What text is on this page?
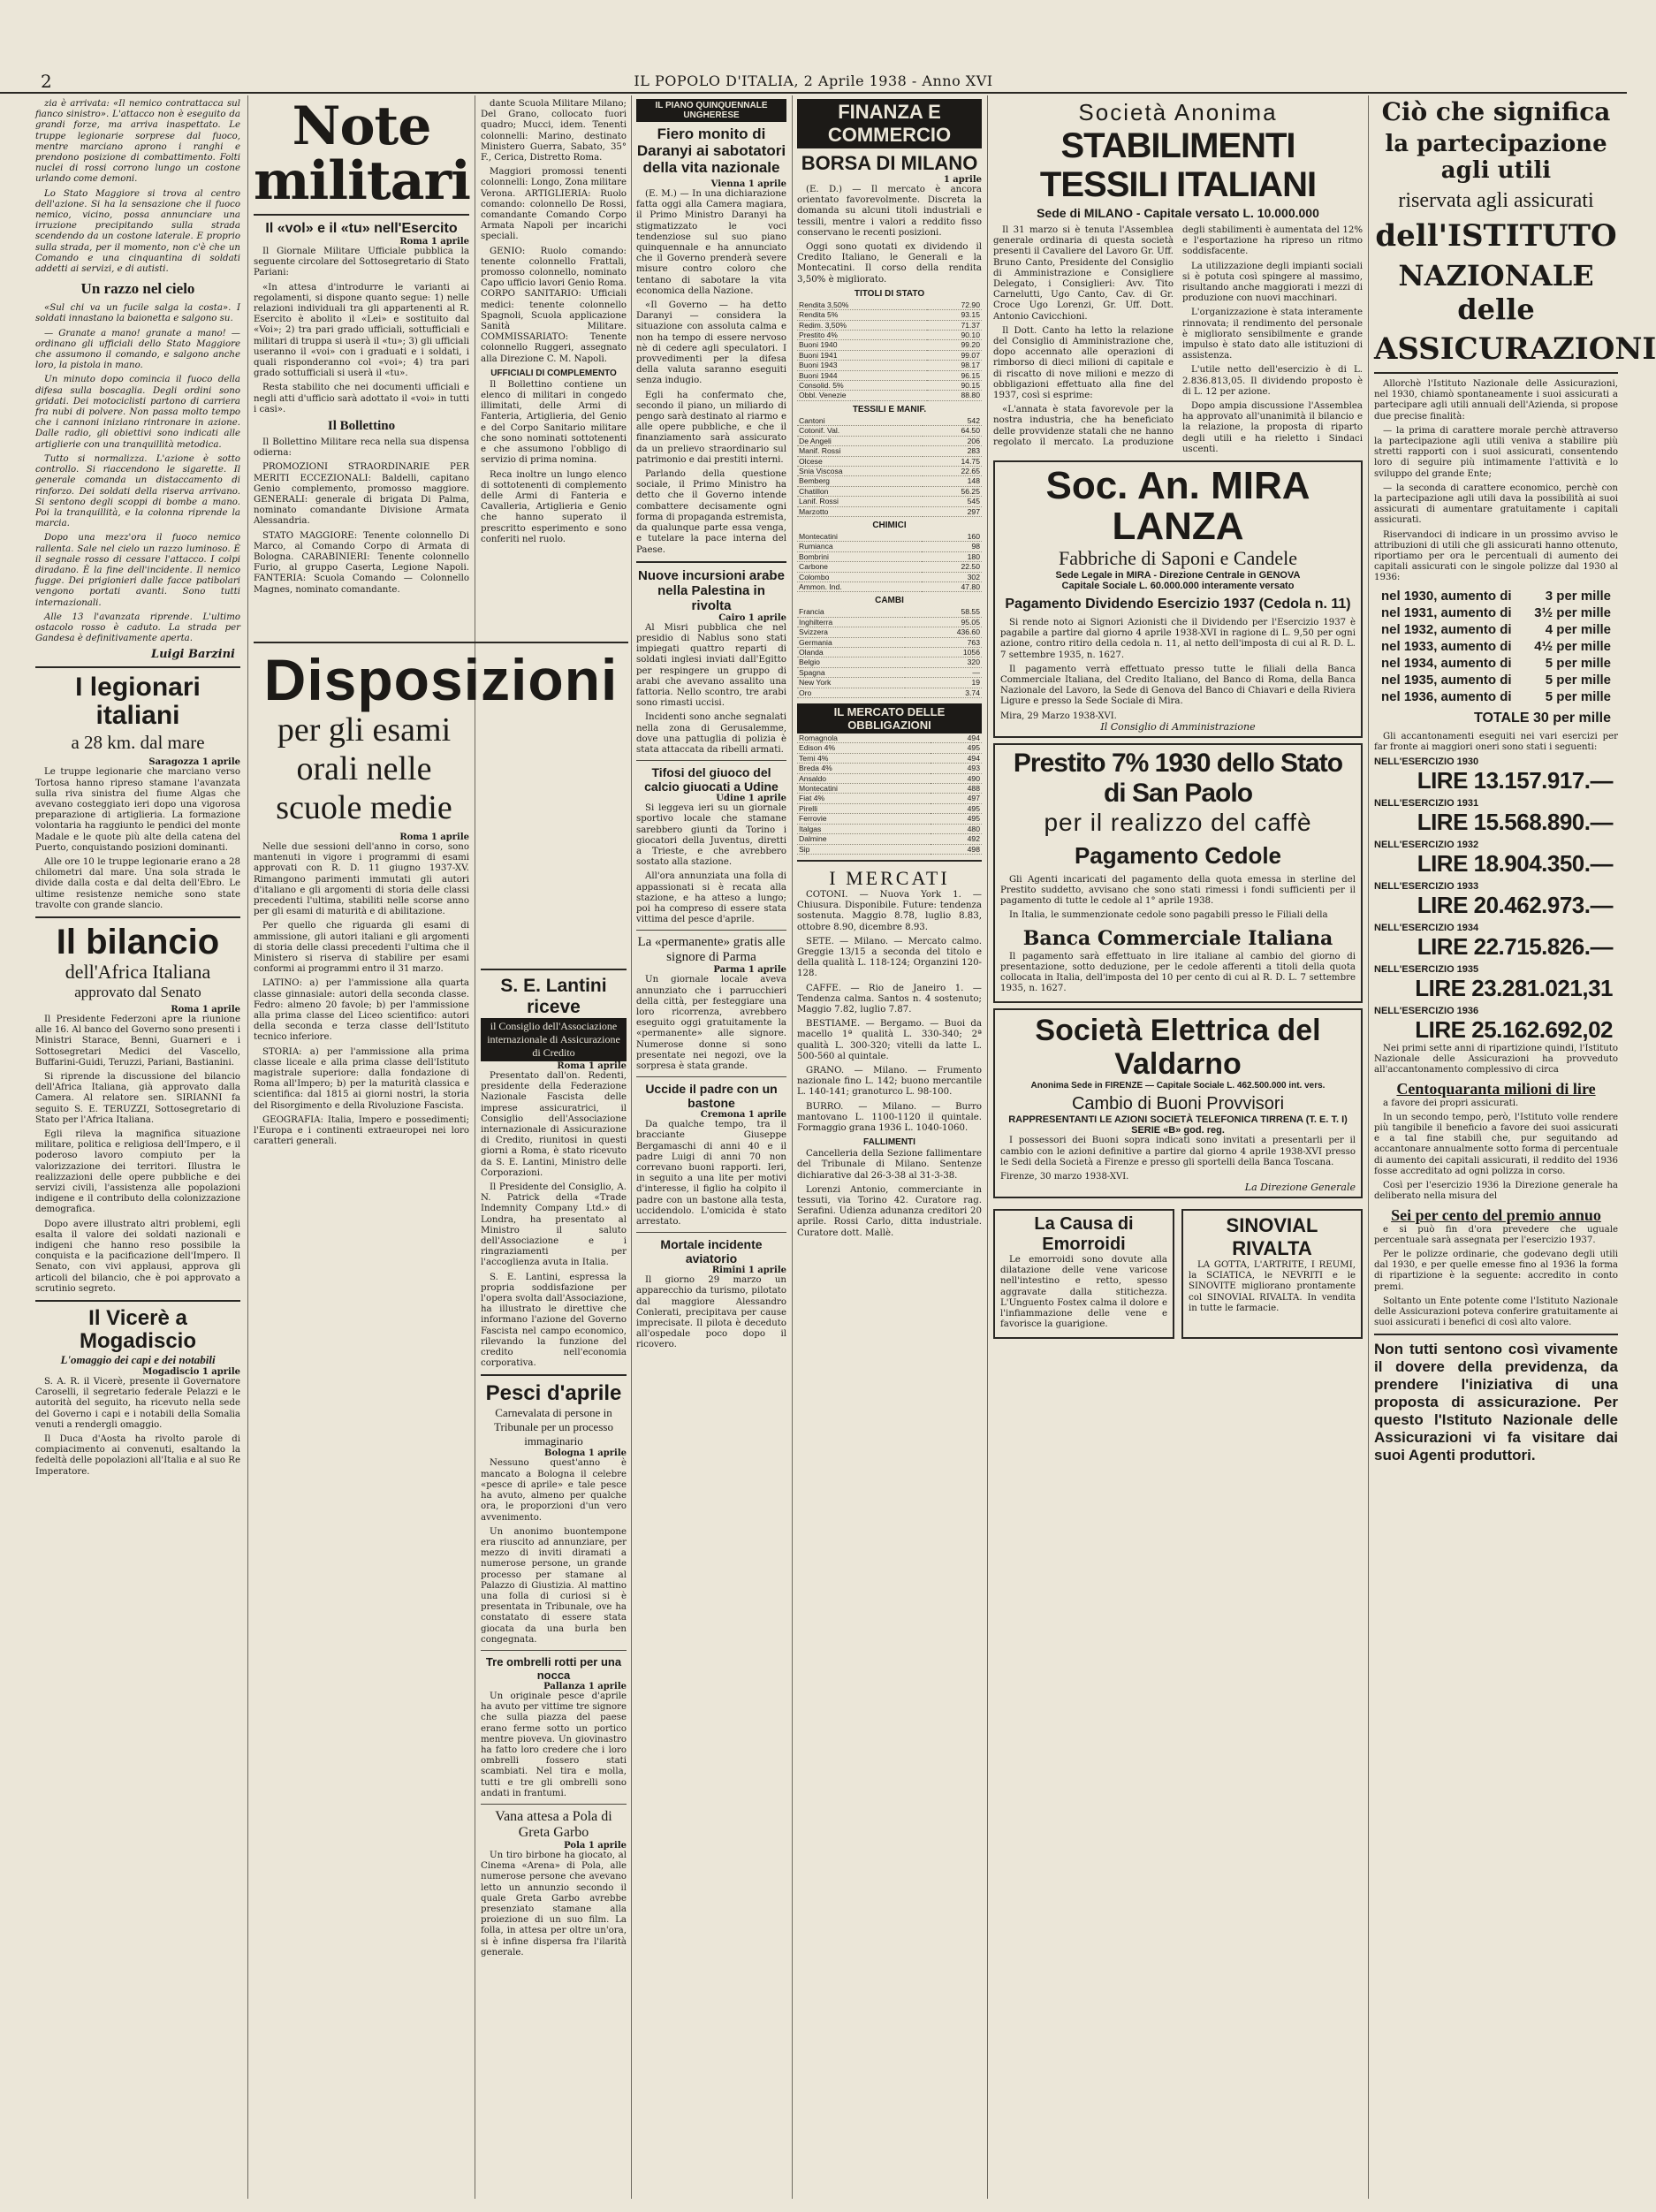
2	IL POPOLO D'ITALIA, 2 Aprile 1938 - Anno XVI

zia è arrivata: «Il nemico contrattacca sul fianco sinistro». L'attacco non è eseguito da grandi forze, ma arriva inaspettato. Le truppe legionarie sorprese dal fuoco, mentre marciano aprono i ranghi e prendono posizione di combattimento. Folti nuclei di rossi corrono lungo un costone urlando come demoni.

Lo Stato Maggiore si trova al centro dell'azione. Si ha la sensazione che il fuoco nemico, vicino, possa annunciare una irruzione precipitando sulla strada scendendo da un costone laterale. E proprio sulla strada, per il momento, non c'è che un Comando e una cinquantina di soldati addetti ai servizi, e di autisti.

Un razzo nel cielo

«Sul chi va un fucile salga la costa». I soldati innastano la baionetta e salgono su.

— Granate a mano! granate a mano! — ordinano gli ufficiali dello Stato Maggiore che assumono il comando, e salgono anche loro, la pistola in mano.

Un minuto dopo comincia il fuoco della difesa sulla boscaglia. Degli ordini sono gridati. Dei motociclisti partono di carriera fra nubi di polvere. Non passa molto tempo che i cannoni iniziano rintronare in azione. Dalle radio, gli obiettivi sono indicati alle artiglierie con una tranquillità metodica.

Tutto si normalizza. L'azione è sotto controllo. Si riaccendono le sigarette. Il generale comanda un distaccamento di rinforzo. Dei soldati della riserva arrivano. Si sentono degli scoppi di bombe a mano. Poi la tranquillità, e la colonna riprende la marcia.

Dopo una mezz'ora il fuoco nemico rallenta. Sale nel cielo un razzo luminoso. È il segnale rosso di cessare l'attacco. I colpi diradano. È la fine dell'incidente. Il nemico fugge. Dei prigionieri dalle facce patibolari vengono portati avanti. Sono tutti internazionali.

Alle 13 l'avanzata riprende. L'ultimo ostacolo rosso è caduto. La strada per Gandesa è definitivamente aperta.

Luigi Barzini
I legionari italiani
a 28 km. dal mare
Saragozza 1 aprile

Le truppe legionarie che marciano verso Tortosa hanno ripreso stamane l'avanzata sulla riva sinistra del fiume Algas che avevano costeggiato ieri dopo una vigorosa preparazione di artiglieria. La formazione volontaria ha raggiunto le pendici del monte Madale e le quote più alte della catena del Puerto, conquistando posizioni dominanti.

Alle ore 10 le truppe legionarie erano a 28 chilometri dal mare. Una sola strada le divide dalla costa e dal delta dell'Ebro. Le ultime resistenze nemiche sono state travolte con grande slancio.

Il bilancio
dell'Africa Italiana
approvato dal Senato
Roma 1 aprile

Il Presidente Federzoni apre la riunione alle 16. Al banco del Governo sono presenti i Ministri Starace, Benni, Guarneri e i Sottosegretari Medici del Vascello, Buffarini-Guidi, Teruzzi, Pariani, Bastianini.

Si riprende la discussione del bilancio dell'Africa Italiana, già approvato dalla Camera. Al relatore sen. SIRIANNI fa seguito S. E. TERUZZI, Sottosegretario di Stato per l'Africa Italiana.

Egli rileva la magnifica situazione militare, politica e religiosa dell'Impero, e il poderoso lavoro compiuto per la valorizzazione dei territori. Illustra le realizzazioni delle opere pubbliche e dei servizi civili, l'assistenza alle popolazioni indigene e il contributo della colonizzazione demografica.

Dopo avere illustrato altri problemi, egli esalta il valore dei soldati nazionali e indigeni che hanno reso possibile la conquista e la pacificazione dell'Impero. Il Senato, con vivi applausi, approva gli articoli del bilancio, che è poi approvato a scrutinio segreto.

Il Vicerè a Mogadiscio
L'omaggio dei capi e dei notabili
Mogadiscio 1 aprile

S. A. R. il Vicerè, presente il Governatore Caroselli, il segretario federale Pelazzi e le autorità del seguito, ha ricevuto nella sede del Governo i capi e i notabili della Somalia venuti a rendergli omaggio.

Il Duca d'Aosta ha rivolto parole di compiacimento ai convenuti, esaltando la fedeltà delle popolazioni all'Italia e al suo Re Imperatore.

Note militari
Il «vol» e il «tu» nell'Esercito
Roma 1 aprile

Il Giornale Militare Ufficiale pubblica la seguente circolare del Sottosegretario di Stato Pariani:

«In attesa d'introdurre le varianti ai regolamenti, si dispone quanto segue: 1) nelle relazioni individuali tra gli appartenenti al R. Esercito è abolito il «Lei» e sostituito dal «Voi»; 2) tra pari grado ufficiali, sottufficiali e militari di truppa si userà il «tu»; 3) gli ufficiali useranno il «voi» con i graduati e i soldati, i quali risponderanno col «voi»; 4) tra pari grado sottufficiali si userà il «tu».

Resta stabilito che nei documenti ufficiali e negli atti d'ufficio sarà adottato il «voi» in tutti i casi».

Il Bollettino

Il Bollettino Militare reca nella sua dispensa odierna:

PROMOZIONI STRAORDINARIE PER MERITI ECCEZIONALI: Baldelli, capitano Genio complemento, promosso maggiore. GENERALI: generale di brigata Di Palma, nominato comandante Divisione Armata Alessandria.

STATO MAGGIORE: Tenente colonnello Di Marco, al Comando Corpo di Armata di Bologna. CARABINIERI: Tenente colonnello Furio, al gruppo Caserta, Legione Napoli. FANTERIA: Scuola Comando — Colonnello Magnes, nominato comandante.

Disposizioni
per gli esami orali nelle scuole medie
Roma 1 aprile

Nelle due sessioni dell'anno in corso, sono mantenuti in vigore i programmi di esami approvati con R. D. 11 giugno 1937-XV. Rimangono parimenti immutati gli autori d'italiano e gli argomenti di storia delle classi precedenti l'ultima, stabiliti nelle scorse anno per gli esami di maturità e di abilitazione.

Per quello che riguarda gli esami di ammissione, gli autori italiani e gli argomenti di storia delle classi precedenti l'ultima che il Ministero si riserva di stabilire per esami conformi ai programmi entro il 31 marzo.

LATINO: a) per l'ammissione alla quarta classe ginnasiale: autori della seconda classe. Fedro: almeno 20 favole; b) per l'ammissione alla prima classe del Liceo scientifico: autori della seconda e terza classe dell'Istituto tecnico inferiore.

STORIA: a) per l'ammissione alla prima classe liceale e alla prima classe dell'Istituto magistrale superiore: dalla fondazione di Roma all'Impero; b) per la maturità classica e scientifica: dal 1815 ai giorni nostri, la storia del Risorgimento e della Rivoluzione Fascista.

GEOGRAFIA: Italia, Impero e possedimenti; l'Europa e i continenti extraeuropei nei loro caratteri generali.

dante Scuola Militare Milano; Del Grano, collocato fuori quadro; Mucci, idem. Tenenti colonnelli: Marino, destinato Ministero Guerra, Sabato, 35° F., Cerica, Distretto Roma.

Maggiori promossi tenenti colonnelli: Longo, Zona militare Verona. ARTIGLIERIA: Ruolo comando: colonnello De Rossi, comandante Comando Corpo Armata Napoli per incarichi speciali.

GENIO: Ruolo comando: tenente colonnello Frattali, promosso colonnello, nominato Capo ufficio lavori Genio Roma. CORPO SANITARIO: Ufficiali medici: tenente colonnello Spagnoli, Scuola applicazione Sanità Militare. COMMISSARIATO: Tenente colonnello Ruggeri, assegnato alla Direzione C. M. Napoli.

UFFICIALI DI COMPLEMENTO

Il Bollettino contiene un elenco di militari in congedo illimitati, delle Armi di Fanteria, Artiglieria, del Genio e del Corpo Sanitario militare che sono nominati sottotenenti e che assumono l'obbligo di servizio di prima nomina.

Reca inoltre un lungo elenco di sottotenenti di complemento delle Armi di Fanteria e Cavalleria, Artiglieria e Genio che hanno superato il prescritto esperimento e sono conferiti nel ruolo.

S. E. Lantini riceve
il Consiglio dell'Associazione internazionale di Assicurazione di Credito
Roma 1 aprile

Presentato dall'on. Redenti, presidente della Federazione Nazionale Fascista delle imprese assicuratrici, il Consiglio dell'Associazione internazionale di Assicurazione di Credito, riunitosi in questi giorni a Roma, è stato ricevuto da S. E. Lantini, Ministro delle Corporazioni.

Il Presidente del Consiglio, A. N. Patrick della «Trade Indemnity Company Ltd.» di Londra, ha presentato al Ministro il saluto dell'Associazione e i ringraziamenti per l'accoglienza avuta in Italia.

S. E. Lantini, espressa la propria soddisfazione per l'opera svolta dall'Associazione, ha illustrato le direttive che informano l'azione del Governo Fascista nel campo economico, rilevando la funzione del credito nell'economia corporativa.

Pesci d'aprile
Carnevalata di persone in Tribunale per un processo immaginario
Bologna 1 aprile

Nessuno quest'anno è mancato a Bologna il celebre «pesce di aprile» e tale pesce ha avuto, almeno per qualche ora, le proporzioni d'un vero avvenimento.

Un anonimo buontempone era riuscito ad annunziare, per mezzo di inviti diramati a numerose persone, un grande processo per stamane al Palazzo di Giustizia. Al mattino una folla di curiosi si è presentata in Tribunale, ove ha constatato di essere stata giocata da una burla ben congegnata.

Tre ombrelli rotti per una nocca
Pallanza 1 aprile

Un originale pesce d'aprile ha avuto per vittime tre signore che sulla piazza del paese erano ferme sotto un portico mentre pioveva. Un giovinastro ha fatto loro credere che i loro ombrelli fossero stati scambiati. Nel tira e molla, tutti e tre gli ombrelli sono andati in frantumi.

Vana attesa a Pola di Greta Garbo
Pola 1 aprile

Un tiro birbone ha giocato, al Cinema «Arena» di Pola, alle numerose persone che avevano letto un annunzio secondo il quale Greta Garbo avrebbe presenziato stamane alla proiezione di un suo film. La folla, in attesa per oltre un'ora, si è infine dispersa fra l'ilarità generale.

IL PIANO QUINQUENNALE UNGHERESE
Fiero monito di Daranyi ai sabotatori della vita nazionale
Vienna 1 aprile

(E. M.) — In una dichiarazione fatta oggi alla Camera magiara, il Primo Ministro Daranyi ha stigmatizzato le voci tendenziose sul suo piano quinquennale e ha annunciato che il Governo prenderà severe misure contro coloro che tentano di sabotare la vita economica della Nazione.

«Il Governo — ha detto Daranyi — considera la situazione con assoluta calma e non ha tempo di essere nervoso nè di cedere agli speculatori. I provvedimenti per la difesa della valuta saranno eseguiti senza indugio.

Egli ha confermato che, secondo il piano, un miliardo di pengo sarà destinato al riarmo e alle opere pubbliche, e che il finanziamento sarà assicurato da un prelievo straordinario sul patrimonio e dai prestiti interni.

Parlando della questione sociale, il Primo Ministro ha detto che il Governo intende combattere decisamente ogni forma di propaganda estremista, da qualunque parte essa venga, e tutelare la pace interna del Paese.

Nuove incursioni arabe nella Palestina in rivolta
Cairo 1 aprile

Al Misri pubblica che nel presidio di Nablus sono stati impiegati quattro reparti di soldati inglesi inviati dall'Egitto per respingere un gruppo di arabi che avevano assalito una fattoria. Nello scontro, tre arabi sono rimasti uccisi.

Incidenti sono anche segnalati nella zona di Gerusalemme, dove una pattuglia di polizia è stata attaccata da ribelli armati.

Tifosi del giuoco del calcio giuocati a Udine
Udine 1 aprile

Si leggeva ieri su un giornale sportivo locale che stamane sarebbero giunti da Torino i giocatori della Juventus, diretti a Trieste, e che avrebbero sostato alla stazione.

All'ora annunziata una folla di appassionati si è recata alla stazione, e ha atteso a lungo; poi ha compreso di essere stata vittima del pesce d'aprile.

La «permanente» gratis alle signore di Parma
Parma 1 aprile

Un giornale locale aveva annunziato che i parrucchieri della città, per festeggiare una loro ricorrenza, avrebbero eseguito oggi gratuitamente la «permanente» alle signore. Numerose donne si sono presentate nei negozi, ove la sorpresa è stata grande.

Uccide il padre con un bastone
Cremona 1 aprile

Da qualche tempo, tra il bracciante Giuseppe Bergamaschi di anni 40 e il padre Luigi di anni 70 non correvano buoni rapporti. Ieri, in seguito a una lite per motivi d'interesse, il figlio ha colpito il padre con un bastone alla testa, uccidendolo. L'omicida è stato arrestato.

Mortale incidente aviatorio
Rimini 1 aprile

Il giorno 29 marzo un apparecchio da turismo, pilotato dal maggiore Alessandro Conlerati, precipitava per cause imprecisate. Il pilota è deceduto all'ospedale poco dopo il ricovero.

FINANZA E COMMERCIO
BORSA DI MILANO
1 aprile

(E. D.) — Il mercato è ancora orientato favorevolmente. Discreta la domanda su alcuni titoli industriali e tessili, mentre i valori a reddito fisso conservano le recenti posizioni.

Oggi sono quotati ex dividendo il Credito Italiano, le Generali e la Montecatini. Il corso della rendita 3,50% è migliorato.

TITOLI DI STATO
Rendita 3,50%	72.90
Rendita 5%	93.15
Redim. 3,50%	71.37
Prestito 4%	90.10
Buoni 1940	99.20
Buoni 1941	99.07
Buoni 1943	98.17
Buoni 1944	96.15
Consolid. 5%	90.15
Obbl. Venezie	88.80
TESSILI E MANIF.
Cantoni	542
Cotonif. Val.	64.50
De Angeli	206
Manif. Rossi	283
Olcese	14.75
Snia Viscosa	22.65
Bemberg	148
Chatillon	56.25
Lanif. Rossi	545
Marzotto	297
CHIMICI
Montecatini	160
Rumianca	98
Bombrini	180
Carbone	22.50
Colombo	302
Ammon. Ind.	47.80
CAMBI
Francia	58.55
Inghilterra	95.05
Svizzera	436.60
Germania	763
Olanda	1056
Belgio	320
Spagna	—
New York	19
Oro	3.74
IL MERCATO DELLE OBBLIGAZIONI
Romagnola	494
Edison 4%	495
Terni 4%	494
Breda 4%	493
Ansaldo	490
Montecatini	488
Fiat 4%	497
Pirelli	495
Ferrovie	495
Italgas	480
Dalmine	492
Sip	498
I MERCATI

COTONI. — Nuova York 1. — Chiusura. Disponibile. Future: tendenza sostenuta. Maggio 8.78, luglio 8.83, ottobre 8.90, dicembre 8.93.

SETE. — Milano. — Mercato calmo. Greggie 13/15 a seconda del titolo e della qualità L. 118-124; Organzini 120-128.

CAFFE. — Rio de Janeiro 1. — Tendenza calma. Santos n. 4 sostenuto; Maggio 7.82, luglio 7.87.

BESTIAME. — Bergamo. — Buoi da macello 1ª qualità L. 330-340; 2ª qualità L. 300-320; vitelli da latte L. 500-560 al quintale.

GRANO. — Milano. — Frumento nazionale fino L. 142; buono mercantile L. 140-141; granoturco L. 98-100.

BURRO. — Milano. — Burro mantovano L. 1100-1120 il quintale. Formaggio grana 1936 L. 1040-1060.

FALLIMENTI

Cancelleria della Sezione fallimentare del Tribunale di Milano. Sentenze dichiarative dal 26-3-38 al 31-3-38.

Lorenzi Antonio, commerciante in tessuti, via Torino 42. Curatore rag. Serafini. Udienza adunanza creditori 20 aprile. Rossi Carlo, ditta industriale. Curatore dott. Mallè.

Società Anonima
STABILIMENTI TESSILI ITALIANI
Sede di MILANO - Capitale versato L. 10.000.000

Il 31 marzo si è tenuta l'Assemblea generale ordinaria di questa società presenti il Cavaliere del Lavoro Gr. Uff. Bruno Canto, Presidente del Consiglio di Amministrazione e Consigliere Delegato, i Consiglieri: Avv. Tito Carnelutti, Ugo Canto, Cav. di Gr. Croce Ugo Lorenzi, Gr. Uff. Dott. Antonio Cavicchioni.

Il Dott. Canto ha letto la relazione del Consiglio di Amministrazione che, dopo accennato alle operazioni di rimborso di dieci milioni di capitale e di riscatto di nove milioni e mezzo di obbligazioni effettuato alla fine del 1937, così si esprime:

«L'annata è stata favorevole per la nostra industria, che ha beneficiato delle provvidenze statali che ne hanno regolato il mercato. La produzione degli stabilimenti è aumentata del 12% e l'esportazione ha ripreso un ritmo soddisfacente.

La utilizzazione degli impianti sociali si è potuta così spingere al massimo, risultando anche maggiorati i mezzi di produzione con nuovi macchinari.

L'organizzazione è stata interamente rinnovata; il rendimento del personale è migliorato sensibilmente e grande impulso è stato dato alle istituzioni di assistenza.

L'utile netto dell'esercizio è di L. 2.836.813,05. Il dividendo proposto è di L. 12 per azione.

Dopo ampia discussione l'Assemblea ha approvato all'unanimità il bilancio e la relazione, la proposta di riparto degli utili e ha rieletto i Sindaci uscenti.

Soc. An. MIRA LANZA
Fabbriche di Saponi e Candele
Sede Legale in MIRA - Direzione Centrale in GENOVA
Capitale Sociale L. 60.000.000 interamente versato
Pagamento Dividendo Esercizio 1937 (Cedola n. 11)

Si rende noto ai Signori Azionisti che il Dividendo per l'Esercizio 1937 è pagabile a partire dal giorno 4 aprile 1938-XVI in ragione di L. 9,50 per ogni azione, contro ritiro della cedola n. 11, al netto dell'imposta di cui al R. D. L. 7 settembre 1935, n. 1627.

Il pagamento verrà effettuato presso tutte le filiali della Banca Commerciale Italiana, del Credito Italiano, del Banco di Roma, della Banca Nazionale del Lavoro, la Sede di Genova del Banco di Chiavari e della Riviera Ligure e presso la Sede Sociale di Mira.

Mira, 29 Marzo 1938-XVI.
Il Consiglio di Amministrazione
Prestito 7% 1930 dello Stato di San Paolo
per il realizzo del caffè
Pagamento Cedole

Gli Agenti incaricati del pagamento della quota emessa in sterline del Prestito suddetto, avvisano che sono stati rimessi i fondi sufficienti per il pagamento di tutte le cedole al 1° aprile 1938.

In Italia, le summenzionate cedole sono pagabili presso le Filiali della

Banca Commerciale Italiana

Il pagamento sarà effettuato in lire italiane al cambio del giorno di presentazione, sotto deduzione, per le cedole afferenti a titoli della quota collocata in Italia, dell'imposta del 10 per cento di cui al R. D. L. 7 settembre 1935, n. 1627.

Società Elettrica del Valdarno
Anonima Sede in FIRENZE — Capitale Sociale L. 462.500.000 int. vers.
Cambio di Buoni Provvisori
RAPPRESENTANTI LE AZIONI SOCIETÀ TELEFONICA TIRRENA (T. E. T. I) SERIE «B» god. reg.

I possessori dei Buoni sopra indicati sono invitati a presentarli per il cambio con le azioni definitive a partire dal giorno 4 aprile 1938-XVI presso le Sedi della Società a Firenze e presso gli sportelli della Banca Toscana.

Firenze, 30 marzo 1938-XVI.
La Direzione Generale
La Causa di Emorroidi

Le emorroidi sono dovute alla dilatazione delle vene varicose nell'intestino e retto, spesso aggravate dalla stitichezza. L'Unguento Fostex calma il dolore e l'infiammazione delle vene e favorisce la guarigione.

SINOVIAL RIVALTA

LA GOTTA, L'ARTRITE, I REUMI, la SCIATICA, le NEVRITI e le SINOVITE migliorano prontamente col SINOVIAL RIVALTA. In vendita in tutte le farmacie.

Ciò che significa
la partecipazione agli utili
riservata agli assicurati
dell'ISTITUTO
NAZIONALE delle
ASSICURAZIONI

Allorchè l'Istituto Nazionale delle Assicurazioni, nel 1930, chiamò spontaneamente i suoi assicurati a partecipare agli utili annuali dell'Azienda, si propose due precise finalità:

— la prima di carattere morale perchè attraverso la partecipazione agli utili veniva a stabilire più stretti rapporti con i suoi assicurati, consentendo loro di seguire più intimamente l'attività e lo sviluppo del grande Ente;

— la seconda di carattere economico, perchè con la partecipazione agli utili dava la possibilità ai suoi assicurati di aumentare gratuitamente i capitali assicurati.

Riservandoci di indicare in un prossimo avviso le attribuzioni di utili che gli assicurati hanno ottenuto, riportiamo per ora le percentuali di aumento dei capitali assicurati con le singole polizze dal 1930 al 1936:

nel 1930, aumento di	3 per mille
nel 1931, aumento di 3½ per mille
nel 1932, aumento di	4 per mille
nel 1933, aumento di 4½ per mille
nel 1934, aumento di	5 per mille
nel 1935, aumento di	5 per mille
nel 1936, aumento di	5 per mille
TOTALE 30 per mille

Gli accantonamenti eseguiti nei vari esercizi per far fronte ai maggiori oneri sono stati i seguenti:

NELL'ESERCIZIO 1930
LIRE 13.157.917.—
NELL'ESERCIZIO 1931
LIRE 15.568.890.—
NELL'ESERCIZIO 1932
LIRE 18.904.350.—
NELL'ESERCIZIO 1933
LIRE 20.462.973.—
NELL'ESERCIZIO 1934
LIRE 22.715.826.—
NELL'ESERCIZIO 1935
LIRE 23.281.021,31
NELL'ESERCIZIO 1936
LIRE 25.162.692,02

Nei primi sette anni di ripartizione quindi, l'Istituto Nazionale delle Assicurazioni ha provveduto all'accantonamento complessivo di circa

Centoquaranta milioni di lire

a favore dei propri assicurati.

In un secondo tempo, però, l'Istituto volle rendere più tangibile il beneficio a favore dei suoi assicurati e a tal fine stabilì che, pur seguitando ad accantonare annualmente sotto forma di percentuale di aumento dei capitali assicurati, il reddito del 1936 fosse accreditato ad ogni polizza in corso.

Così per l'esercizio 1936 la Direzione generale ha deliberato nella misura del

Sei per cento del premio annuo

e si può fin d'ora prevedere che uguale percentuale sarà assegnata per l'esercizio 1937.

Per le polizze ordinarie, che godevano degli utili dal 1930, e per quelle emesse fino al 1936 la forma di ripartizione è la seguente: accredito in conto premi.

Soltanto un Ente potente come l'Istituto Nazionale delle Assicurazioni poteva conferire gratuitamente ai suoi assicurati i benefici di così alto valore.

Non tutti sentono così vivamente il dovere della previdenza, da prendere l'iniziativa di una proposta di assicurazione. Per questo l'Istituto Nazionale delle Assicurazioni vi fa visitare dai suoi Agenti produttori.
